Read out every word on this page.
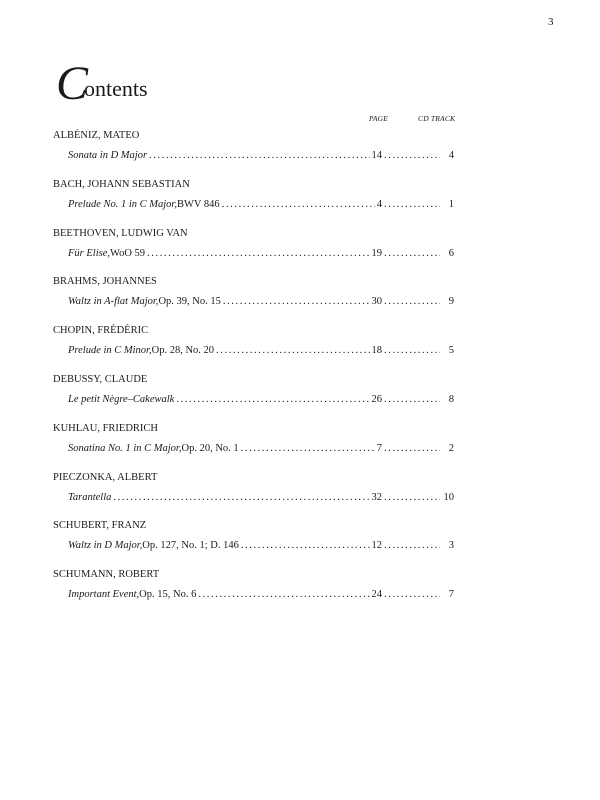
3
C
ontents
PAGE	CD TRACK
ALBÉNIZ, MATEO
Sonata in D Major .....	14 .....	4
BACH, JOHANN SEBASTIAN
Prelude No. 1 in C Major, BWV 846 .....	4 .....	1
BEETHOVEN, LUDWIG VAN
Für Elise, WoO 59 .....	19 .....	6
BRAHMS, JOHANNES
Waltz in A-flat Major, Op. 39, No. 15 .....	30 .....	9
CHOPIN, FRÉDÉRIC
Prelude in C Minor, Op. 28, No. 20 .....	18 .....	5
DEBUSSY, CLAUDE
Le petit Nègre–Cakewalk .....	26 .....	8
KUHLAU, FRIEDRICH
Sonatina No. 1 in C Major, Op. 20, No. 1 .....	7 .....	2
PIECZONKA, ALBERT
Tarantella .....	32 .....	10
SCHUBERT, FRANZ
Waltz in D Major, Op. 127, No. 1; D. 146 .....	12 .....	3
SCHUMANN, ROBERT
Important Event, Op. 15, No. 6 .....	24 .....	7
